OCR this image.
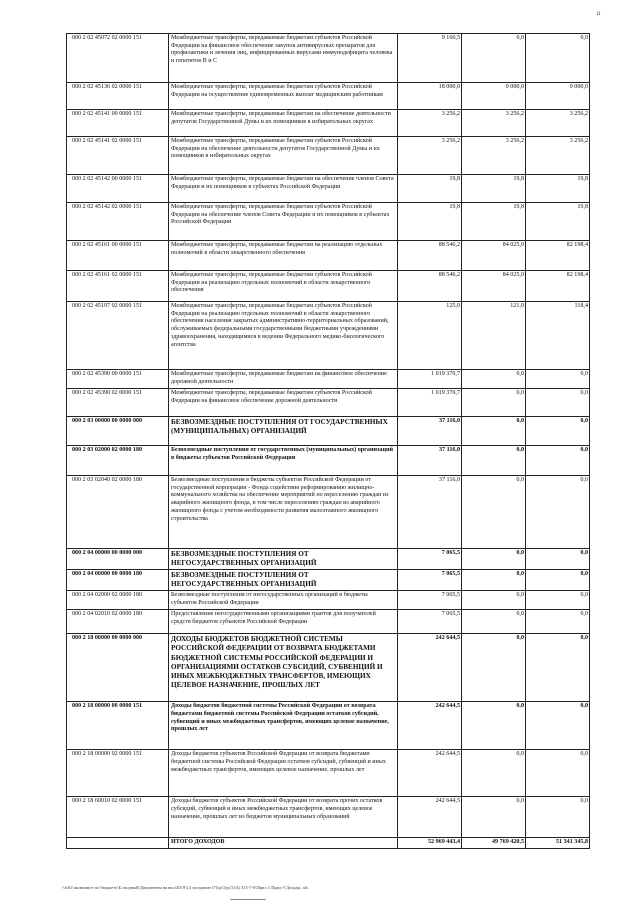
11
000 2 02 45072 02 0000 151	Межбюджетные трансферты, передаваемые бюджетам субъектов Российской Федерации на финансовое обеспечение закупок антивирусных препаратов для профилактики и лечения лиц, инфицированных вирусами иммунодефицита человека и гепатитов B и C	9 160,5	0,0	0,0
000 2 02 45136 02 0000 151	Межбюджетные трансферты, передаваемые бюджетам субъектов Российской Федерации на осуществление единовременных выплат медицинским работникам	18 000,0	9 000,0	9 000,0
000 2 02 45141 00 0000 151	Межбюджетные трансферты, передаваемые бюджетам на обеспечение деятельности депутатов Государственной Думы и их помощников в избирательных округах	3 256,2	3 256,2	3 256,2
000 2 02 45141 02 0000 151	Межбюджетные трансферты, передаваемые бюджетам субъектов Российской Федерации на обеспечение деятельности депутатов Государственной Думы и их помощников в избирательных округах	3 256,2	3 256,2	3 256,2
000 2 02 45142 00 0000 151	Межбюджетные трансферты, передаваемые бюджетам на обеспечение членов Совета Федерации и их помощников в субъектах Российской Федерации	19,8	19,8	19,8
000 2 02 45142 02 0000 151	Межбюджетные трансферты, передаваемые бюджетам субъектов Российской Федерации на обеспечение членов Совета Федерации и их помощников в субъектах Российской Федерации	19,8	19,8	19,8
000 2 02 45161 00 0000 151	Межбюджетные трансферты, передаваемые бюджетам на реализацию отдельных полномочий в области лекарственного обеспечения	88 546,2	84 025,0	82 198,4
000 2 02 45161 02 0000 151	Межбюджетные трансферты, передаваемые бюджетам субъектов Российской Федерации на реализацию отдельных полномочий в области лекарственного обеспечения	88 546,2	84 025,0	82 198,4
000 2 02 45197 02 0000 151	Межбюджетные трансферты, передаваемые бюджетам субъектов Российской Федерации на реализацию отдельных полномочий в области лекарственного обеспечения населения закрытых административно-территориальных образований, обслуживаемых федеральными государственными бюджетными учреждениями здравоохранения, находящимися в ведении Федерального медико-биологического агентства	125,0	121,0	118,4
000 2 02 45390 00 0000 151	Межбюджетные трансферты, передаваемые бюджетам на финансовое обеспечение дорожной деятельности	1 019 370,7	0,0	0,0
000 2 02 45390 02 0000 151	Межбюджетные трансферты, передаваемые бюджетам субъектов Российской Федерации на финансовое обеспечение дорожной деятельности	1 019 370,7	0,0	0,0
000 2 03 00000 00 0000 000	БЕЗВОЗМЕЗДНЫЕ ПОСТУПЛЕНИЯ ОТ ГОСУДАРСТВЕННЫХ (МУНИЦИПАЛЬНЫХ) ОРГАНИЗАЦИЙ	37 116,0	0,0	0,0
000 2 03 02000 02 0000 180	Безвозмездные поступления от государственных (муниципальных) организаций в бюджеты субъектов Российской Федерации	37 116,0	0,0	0,0
000 2 03 02040 02 0000 180	Безвозмездные поступления в бюджеты субъектов Российской Федерации от государственной корпорации - Фонда содействия реформированию жилищно-коммунального хозяйства на обеспечение мероприятий по переселению граждан из аварийного жилищного фонда, в том числе переселению граждан из аварийного жилищного фонда с учетом необходимости развития малоэтажного жилищного строительства	37 116,0	0,0	0,0
000 2 04 00000 00 0000 000	БЕЗВОЗМЕЗДНЫЕ ПОСТУПЛЕНИЯ ОТ НЕГОСУДАРСТВЕННЫХ ОРГАНИЗАЦИЙ	7 065,5	0,0	0,0
000 2 04 00000 00 0000 180	БЕЗВОЗМЕЗДНЫЕ ПОСТУПЛЕНИЯ ОТ НЕГОСУДАРСТВЕННЫХ ОРГАНИЗАЦИЙ	7 065,5	0,0	0,0
000 2 04 02000 02 0000 180	Безвозмездные поступления от негосударственных организаций в бюджеты субъектов Российской Федерации	7 065,5	0,0	0,0
000 2 04 02010 02 0000 180	Предоставление негосударственными организациями грантов для получателей средств бюджетов субъектов Российской Федерации	7 065,5	0,0	0,0
000 2 18 00000 00 0000 000	ДОХОДЫ БЮДЖЕТОВ БЮДЖЕТНОЙ СИСТЕМЫ РОССИЙСКОЙ ФЕДЕРАЦИИ ОТ ВОЗВРАТА БЮДЖЕТАМИ БЮДЖЕТНОЙ СИСТЕМЫ РОССИЙСКОЙ ФЕДЕРАЦИИ И ОРГАНИЗАЦИЯМИ ОСТАТКОВ СУБСИДИЙ, СУБВЕНЦИЙ И ИНЫХ МЕЖБЮДЖЕТНЫХ ТРАНСФЕРТОВ, ИМЕЮЩИХ ЦЕЛЕВОЕ НАЗНАЧЕНИЕ, ПРОШЛЫХ ЛЕТ	242 644,5	0,0	0,0
000 2 18 00000 00 0000 151	Доходы бюджетов бюджетной системы Российской Федерации от возврата бюджетами бюджетной системы Российской Федерации остатков субсидий, субвенций и иных межбюджетных трансфертов, имеющих целевое назначение, прошлых лет	242 644,5	0,0	0,0
000 2 18 00000 02 0000 151	Доходы бюджетов субъектов Российской Федерации от возврата бюджетами бюджетной системы Российской Федерации остатков субсидий, субвенций и иных межбюджетных трансфертов, имеющих целевое назначение, прошлых лет	242 644,5	0,0	0,0
000 2 18 60010 02 0000 151	Доходы бюджетов субъектов Российской Федерации от возврата прочих остатков субсидий, субвенций и иных межбюджетных трансфертов, имеющих целевое назначение, прошлых лет из бюджетов муниципальных образований	242 644,5	0,0	0,0
	ИТОГО ДОХОДОВ	52 969 443,4	49 769 420,5	51 341 345,8
\\fs01\экономист по бюджету\Б сводный\Документы на вкл\2019\14 заседание (7)\р11(р1)\14) 315-7-6\Прил.1 Прил 9 Доходы .xls
